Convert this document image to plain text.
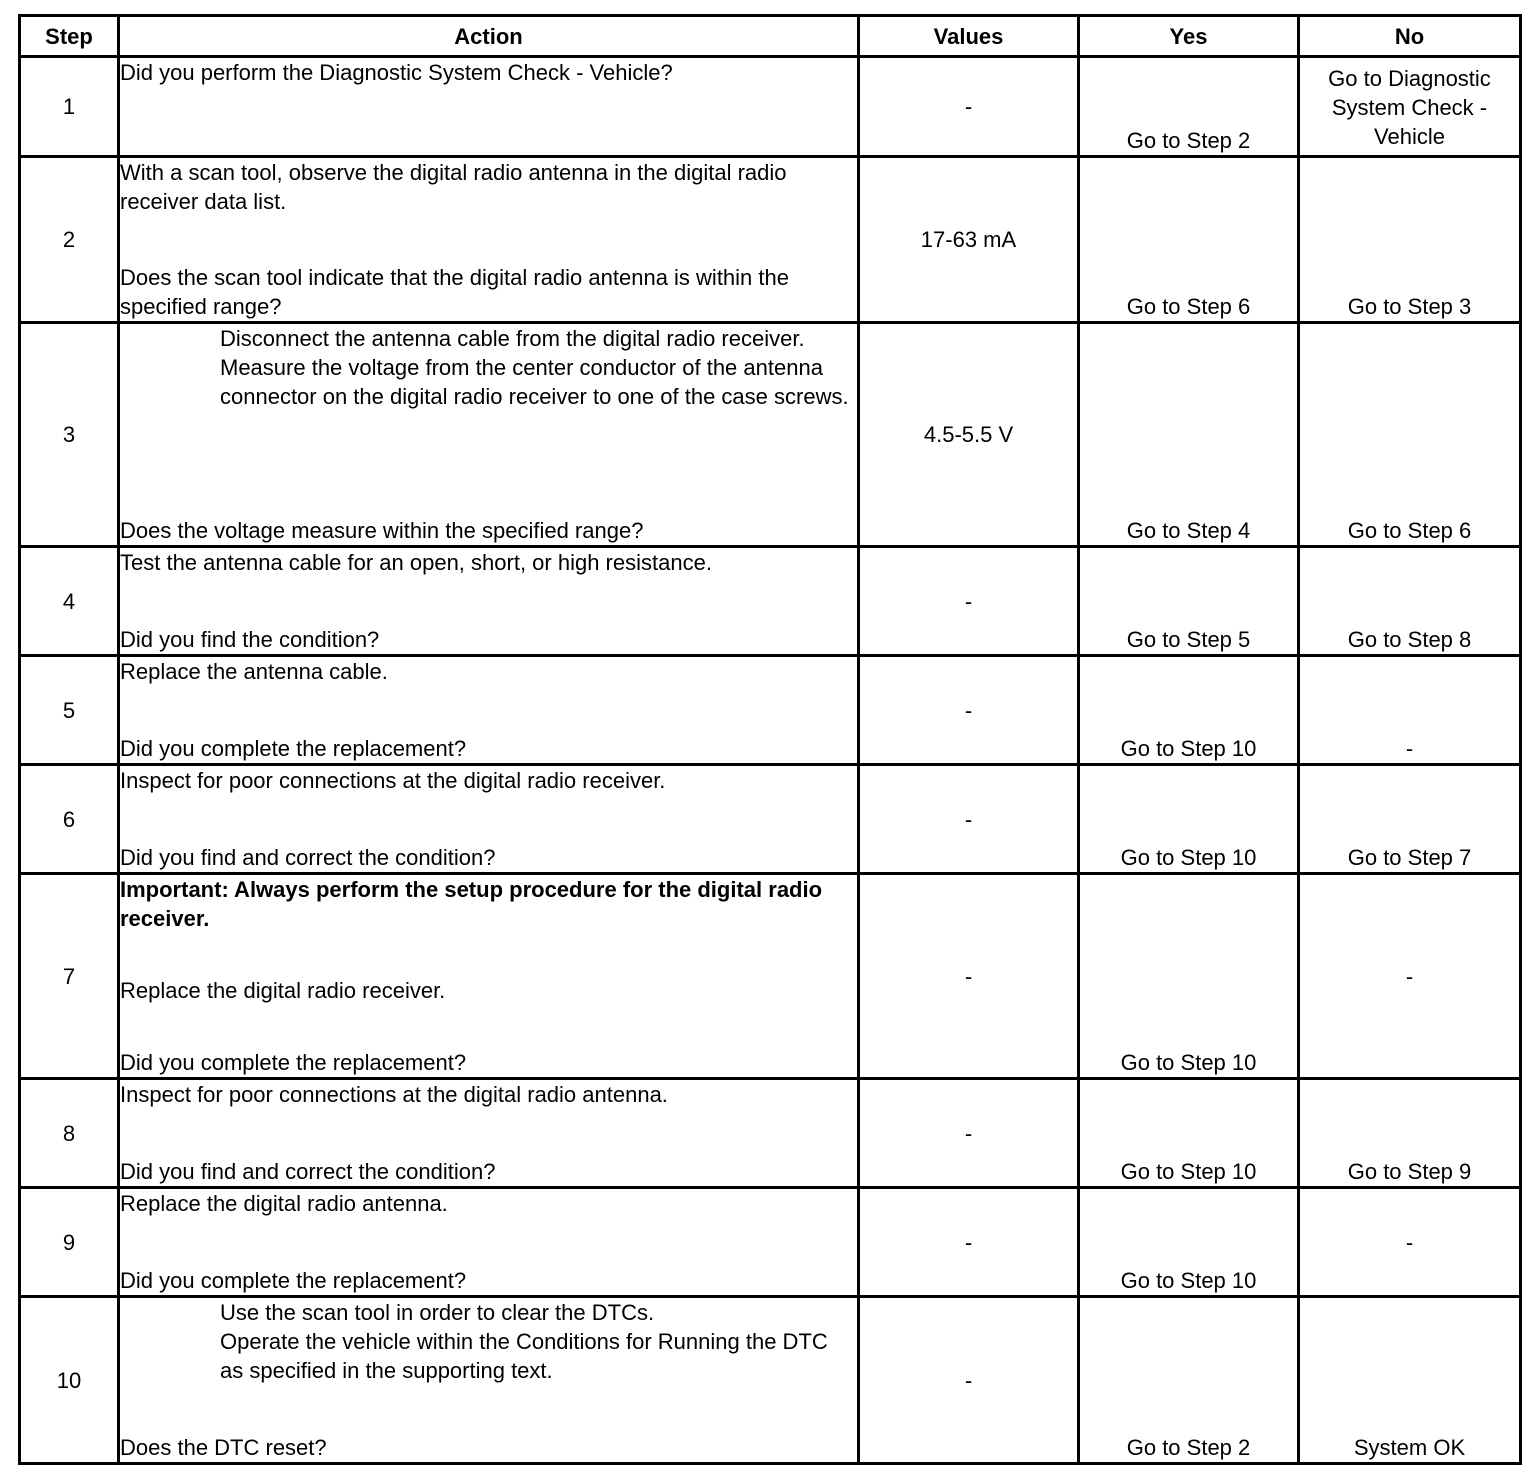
Step	Action	Values	Yes	No
1	Did you perform the Diagnostic System Check - Vehicle?	-	Go to Step 2	Go to Diagnostic System Check - Vehicle
2	With a scan tool, observe the digital radio antenna in the digital radio receiver data list.
Does the scan tool indicate that the digital radio antenna is within the specified range?	17-63 mA	Go to Step 6	Go to Step 3
3	Disconnect the antenna cable from the digital radio receiver.
Measure the voltage from the center conductor of the antenna connector on the digital radio receiver to one of the case screws.
Does the voltage measure within the specified range?	4.5-5.5 V	Go to Step 4	Go to Step 6
4	Test the antenna cable for an open, short, or high resistance.
Did you find the condition?	-	Go to Step 5	Go to Step 8
5	Replace the antenna cable.
Did you complete the replacement?	-	Go to Step 10	-
6	Inspect for poor connections at the digital radio receiver.
Did you find and correct the condition?	-	Go to Step 10	Go to Step 7
7	Important: Always perform the setup procedure for the digital radio receiver.
Replace the digital radio receiver.
Did you complete the replacement?	-	Go to Step 10	-
8	Inspect for poor connections at the digital radio antenna.
Did you find and correct the condition?	-	Go to Step 10	Go to Step 9
9	Replace the digital radio antenna.
Did you complete the replacement?	-	Go to Step 10	-
10	Use the scan tool in order to clear the DTCs.
Operate the vehicle within the Conditions for Running the DTC as specified in the supporting text.
Does the DTC reset?	-	Go to Step 2	System OK
